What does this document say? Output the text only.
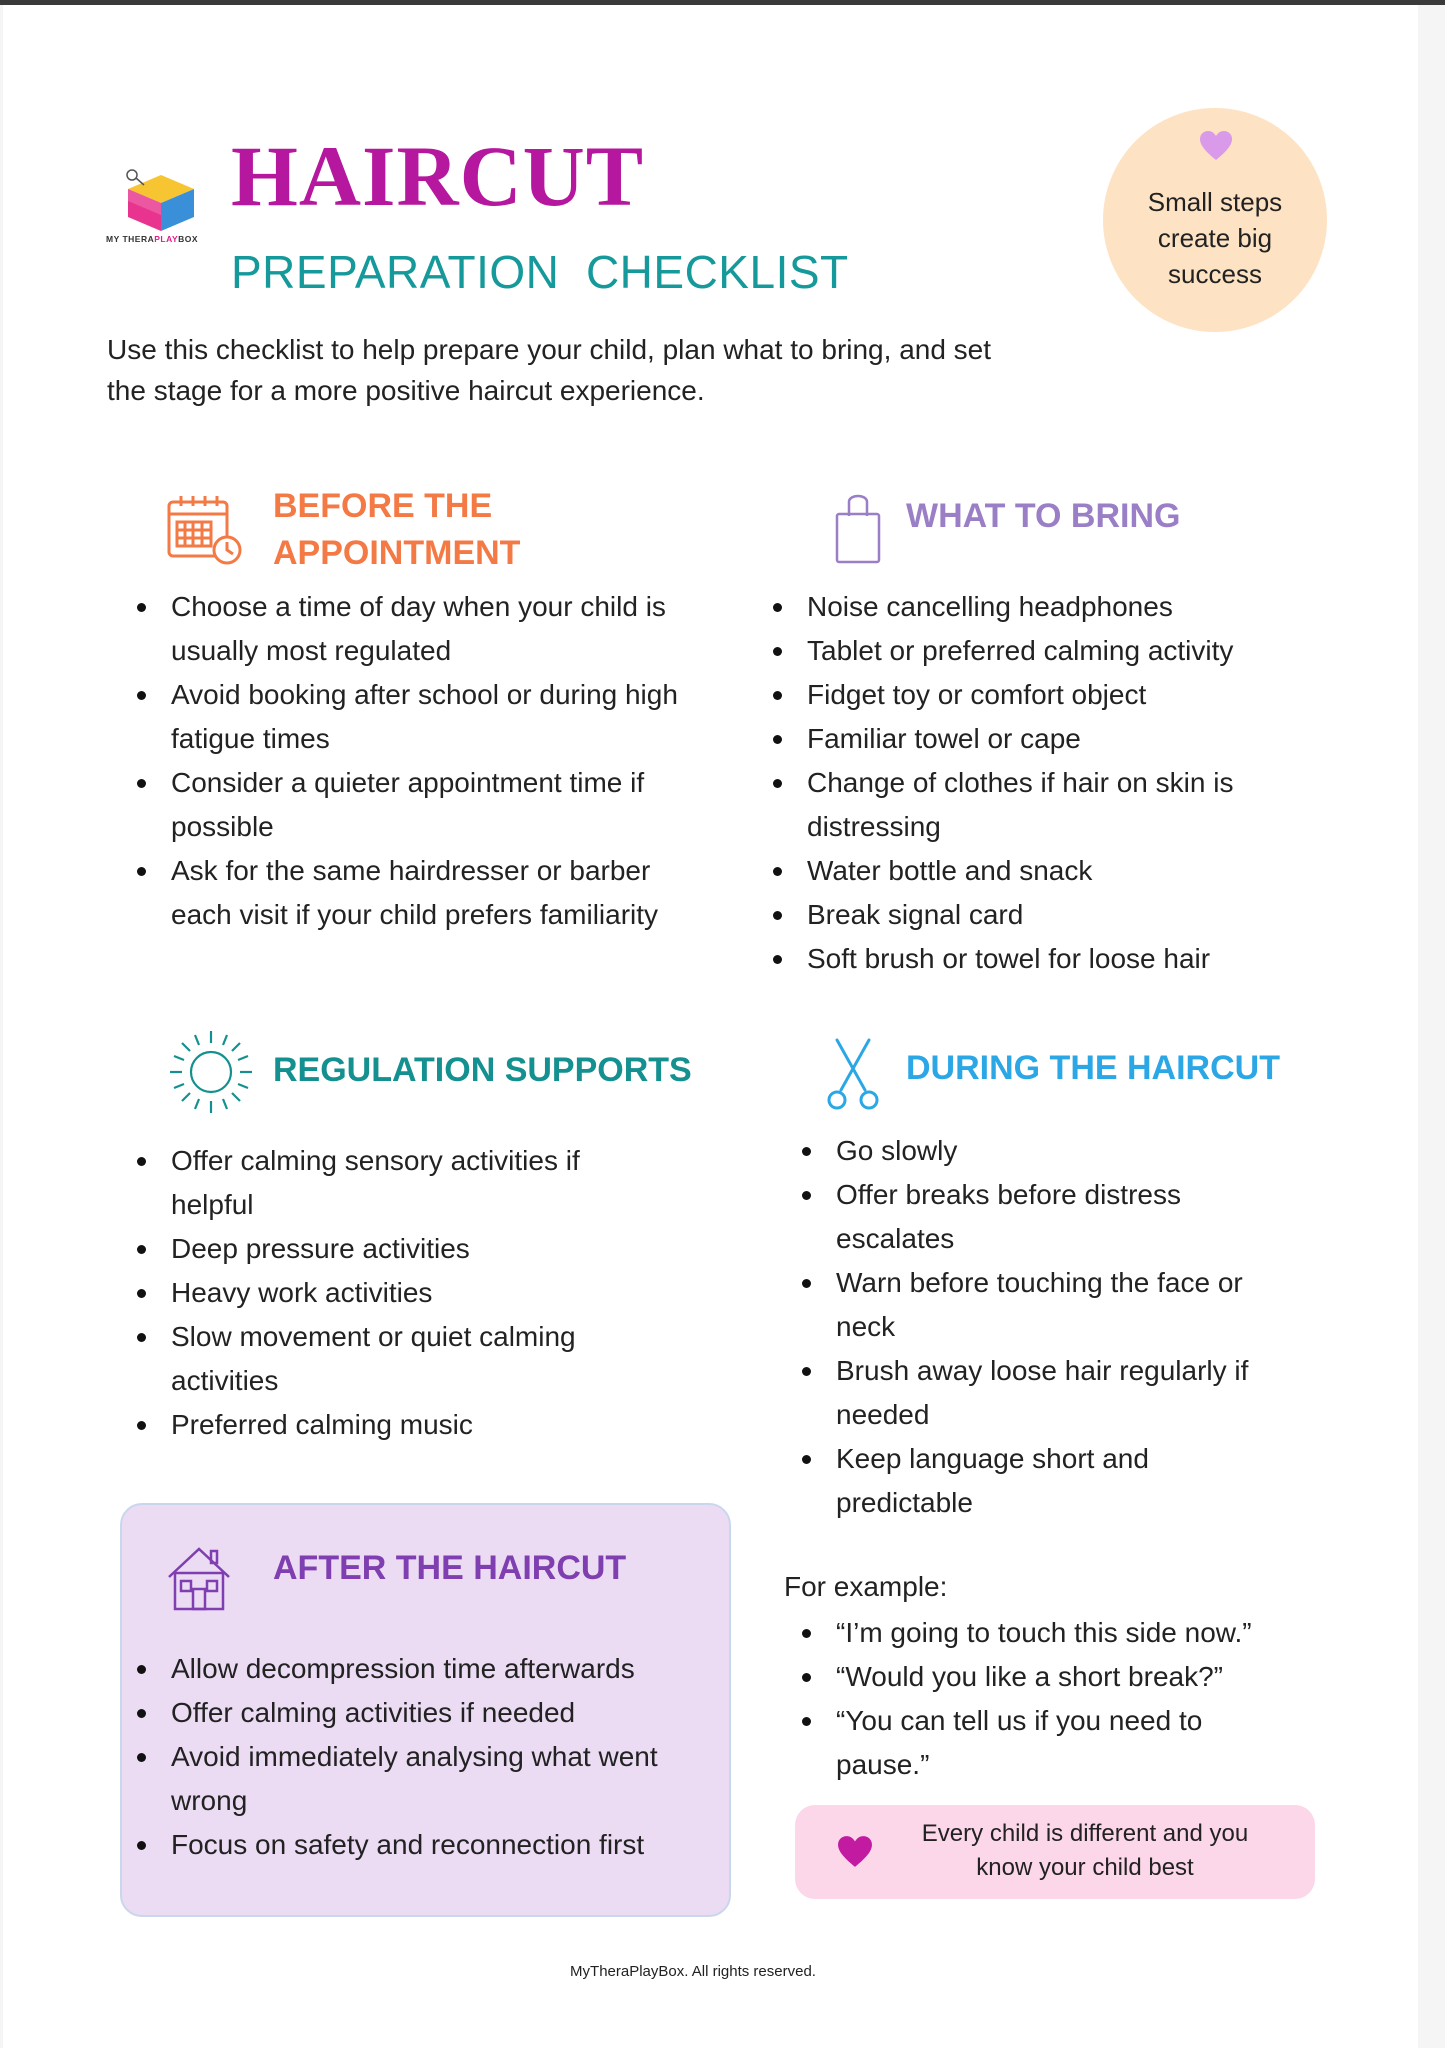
MY THERAPLAYBOX
HAIRCUT
PREPARATION  CHECKLIST
Small steps
create big
success
Use this checklist to help prepare your child, plan what to bring, and set
the stage for a more positive haircut experience.
BEFORE THE
APPOINTMENT
Choose a time of day when your child is usually most regulated
Avoid booking after school or during high fatigue times
Consider a quieter appointment time if possible
Ask for the same hairdresser or barber each visit if your child prefers familiarity
WHAT TO BRING
Noise cancelling headphones
Tablet or preferred calming activity
Fidget toy or comfort object
Familiar towel or cape
Change of clothes if hair on skin is distressing
Water bottle and snack
Break signal card
Soft brush or towel for loose hair
REGULATION SUPPORTS
Offer calming sensory activities if helpful
Deep pressure activities
Heavy work activities
Slow movement or quiet calming activities
Preferred calming music
DURING THE HAIRCUT
Go slowly
Offer breaks before distress escalates
Warn before touching the face or neck
Brush away loose hair regularly if needed
Keep language short and predictable

For example:

“I’m going to touch this side now.”
“Would you like a short break?”
“You can tell us if you need to pause.”
AFTER THE HAIRCUT
Allow decompression time afterwards
Offer calming activities if needed
Avoid immediately analysing what went wrong
Focus on safety and reconnection first	Every child is different and you know your child best
MyTheraPlayBox. All rights reserved.
